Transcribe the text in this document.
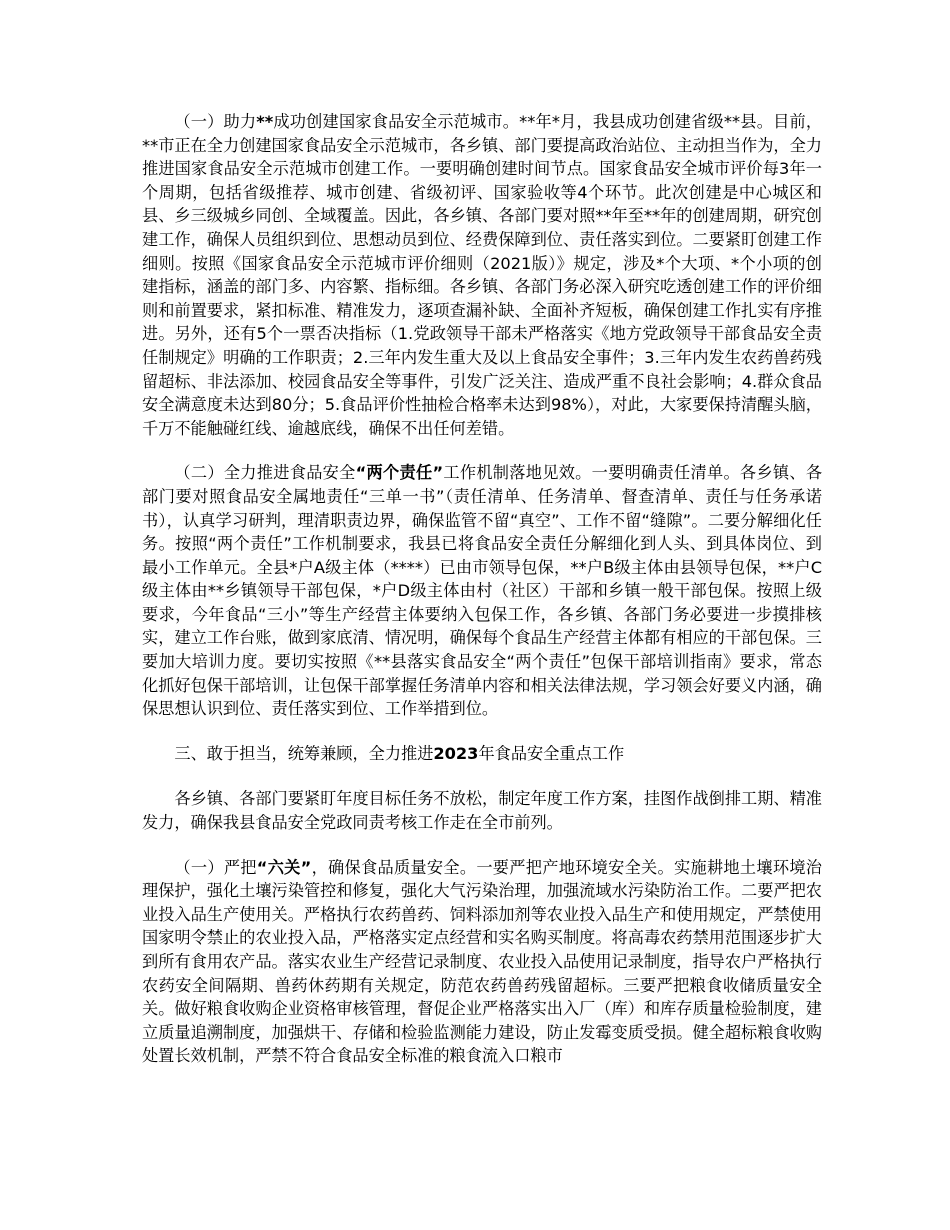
（一）助力**成功创建国家食品安全示范城市。**年*月，我县成功创建省级**县。目前，**市正在全力创建国家食品安全示范城市，各乡镇、部门要提高政治站位、主动担当作为，全力推进国家食品安全示范城市创建工作。一要明确创建时间节点。国家食品安全城市评价每3年一个周期，包括省级推荐、城市创建、省级初评、国家验收等4个环节。此次创建是中心城区和县、乡三级城乡同创、全域覆盖。因此，各乡镇、各部门要对照**年至**年的创建周期，研究创建工作，确保人员组织到位、思想动员到位、经费保障到位、责任落实到位。二要紧盯创建工作细则。按照《国家食品安全示范城市评价细则（2021版）》规定，涉及*个大项、*个小项的创建指标，涵盖的部门多、内容繁、指标细。各乡镇、各部门务必深入研究吃透创建工作的评价细则和前置要求，紧扣标准、精准发力，逐项查漏补缺、全面补齐短板，确保创建工作扎实有序推进。另外，还有5个一票否决指标（1.党政领导干部未严格落实《地方党政领导干部食品安全责任制规定》明确的工作职责；2.三年内发生重大及以上食品安全事件；3.三年内发生农药兽药残留超标、非法添加、校园食品安全等事件，引发广泛关注、造成严重不良社会影响；4.群众食品安全满意度未达到80分；5.食品评价性抽检合格率未达到98%），对此，大家要保持清醒头脑，千万不能触碰红线、逾越底线，确保不出任何差错。

（二）全力推进食品安全“两个责任”工作机制落地见效。一要明确责任清单。各乡镇、各部门要对照食品安全属地责任“三单一书”（责任清单、任务清单、督查清单、责任与任务承诺书），认真学习研判，理清职责边界，确保监管不留“真空”、工作不留“缝隙”。二要分解细化任务。按照“两个责任”工作机制要求，我县已将食品安全责任分解细化到人头、到具体岗位、到最小工作单元。全县*户A级主体（****）已由市领导包保，**户B级主体由县领导包保，**户C级主体由**乡镇领导干部包保，*户D级主体由村（社区）干部和乡镇一般干部包保。按照上级要求，今年食品“三小”等生产经营主体要纳入包保工作，各乡镇、各部门务必要进一步摸排核实，建立工作台账，做到家底清、情况明，确保每个食品生产经营主体都有相应的干部包保。三要加大培训力度。要切实按照《**县落实食品安全“两个责任”包保干部培训指南》要求，常态化抓好包保干部培训，让包保干部掌握任务清单内容和相关法律法规，学习领会好要义内涵，确保思想认识到位、责任落实到位、工作举措到位。

三、敢于担当，统筹兼顾，全力推进2023年食品安全重点工作

各乡镇、各部门要紧盯年度目标任务不放松，制定年度工作方案，挂图作战倒排工期、精准发力，确保我县食品安全党政同责考核工作走在全市前列。

（一）严把“六关”，确保食品质量安全。一要严把产地环境安全关。实施耕地土壤环境治理保护，强化土壤污染管控和修复，强化大气污染治理，加强流域水污染防治工作。二要严把农业投入品生产使用关。严格执行农药兽药、饲料添加剂等农业投入品生产和使用规定，严禁使用国家明令禁止的农业投入品，严格落实定点经营和实名购买制度。将高毒农药禁用范围逐步扩大到所有食用农产品。落实农业生产经营记录制度、农业投入品使用记录制度，指导农户严格执行农药安全间隔期、兽药休药期有关规定，防范农药兽药残留超标。三要严把粮食收储质量安全关。做好粮食收购企业资格审核管理，督促企业严格落实出入厂（库）和库存质量检验制度，建立质量追溯制度，加强烘干、存储和检验监测能力建设，防止发霉变质受损。健全超标粮食收购处置长效机制，严禁不符合食品安全标准的粮食流入口粮市
